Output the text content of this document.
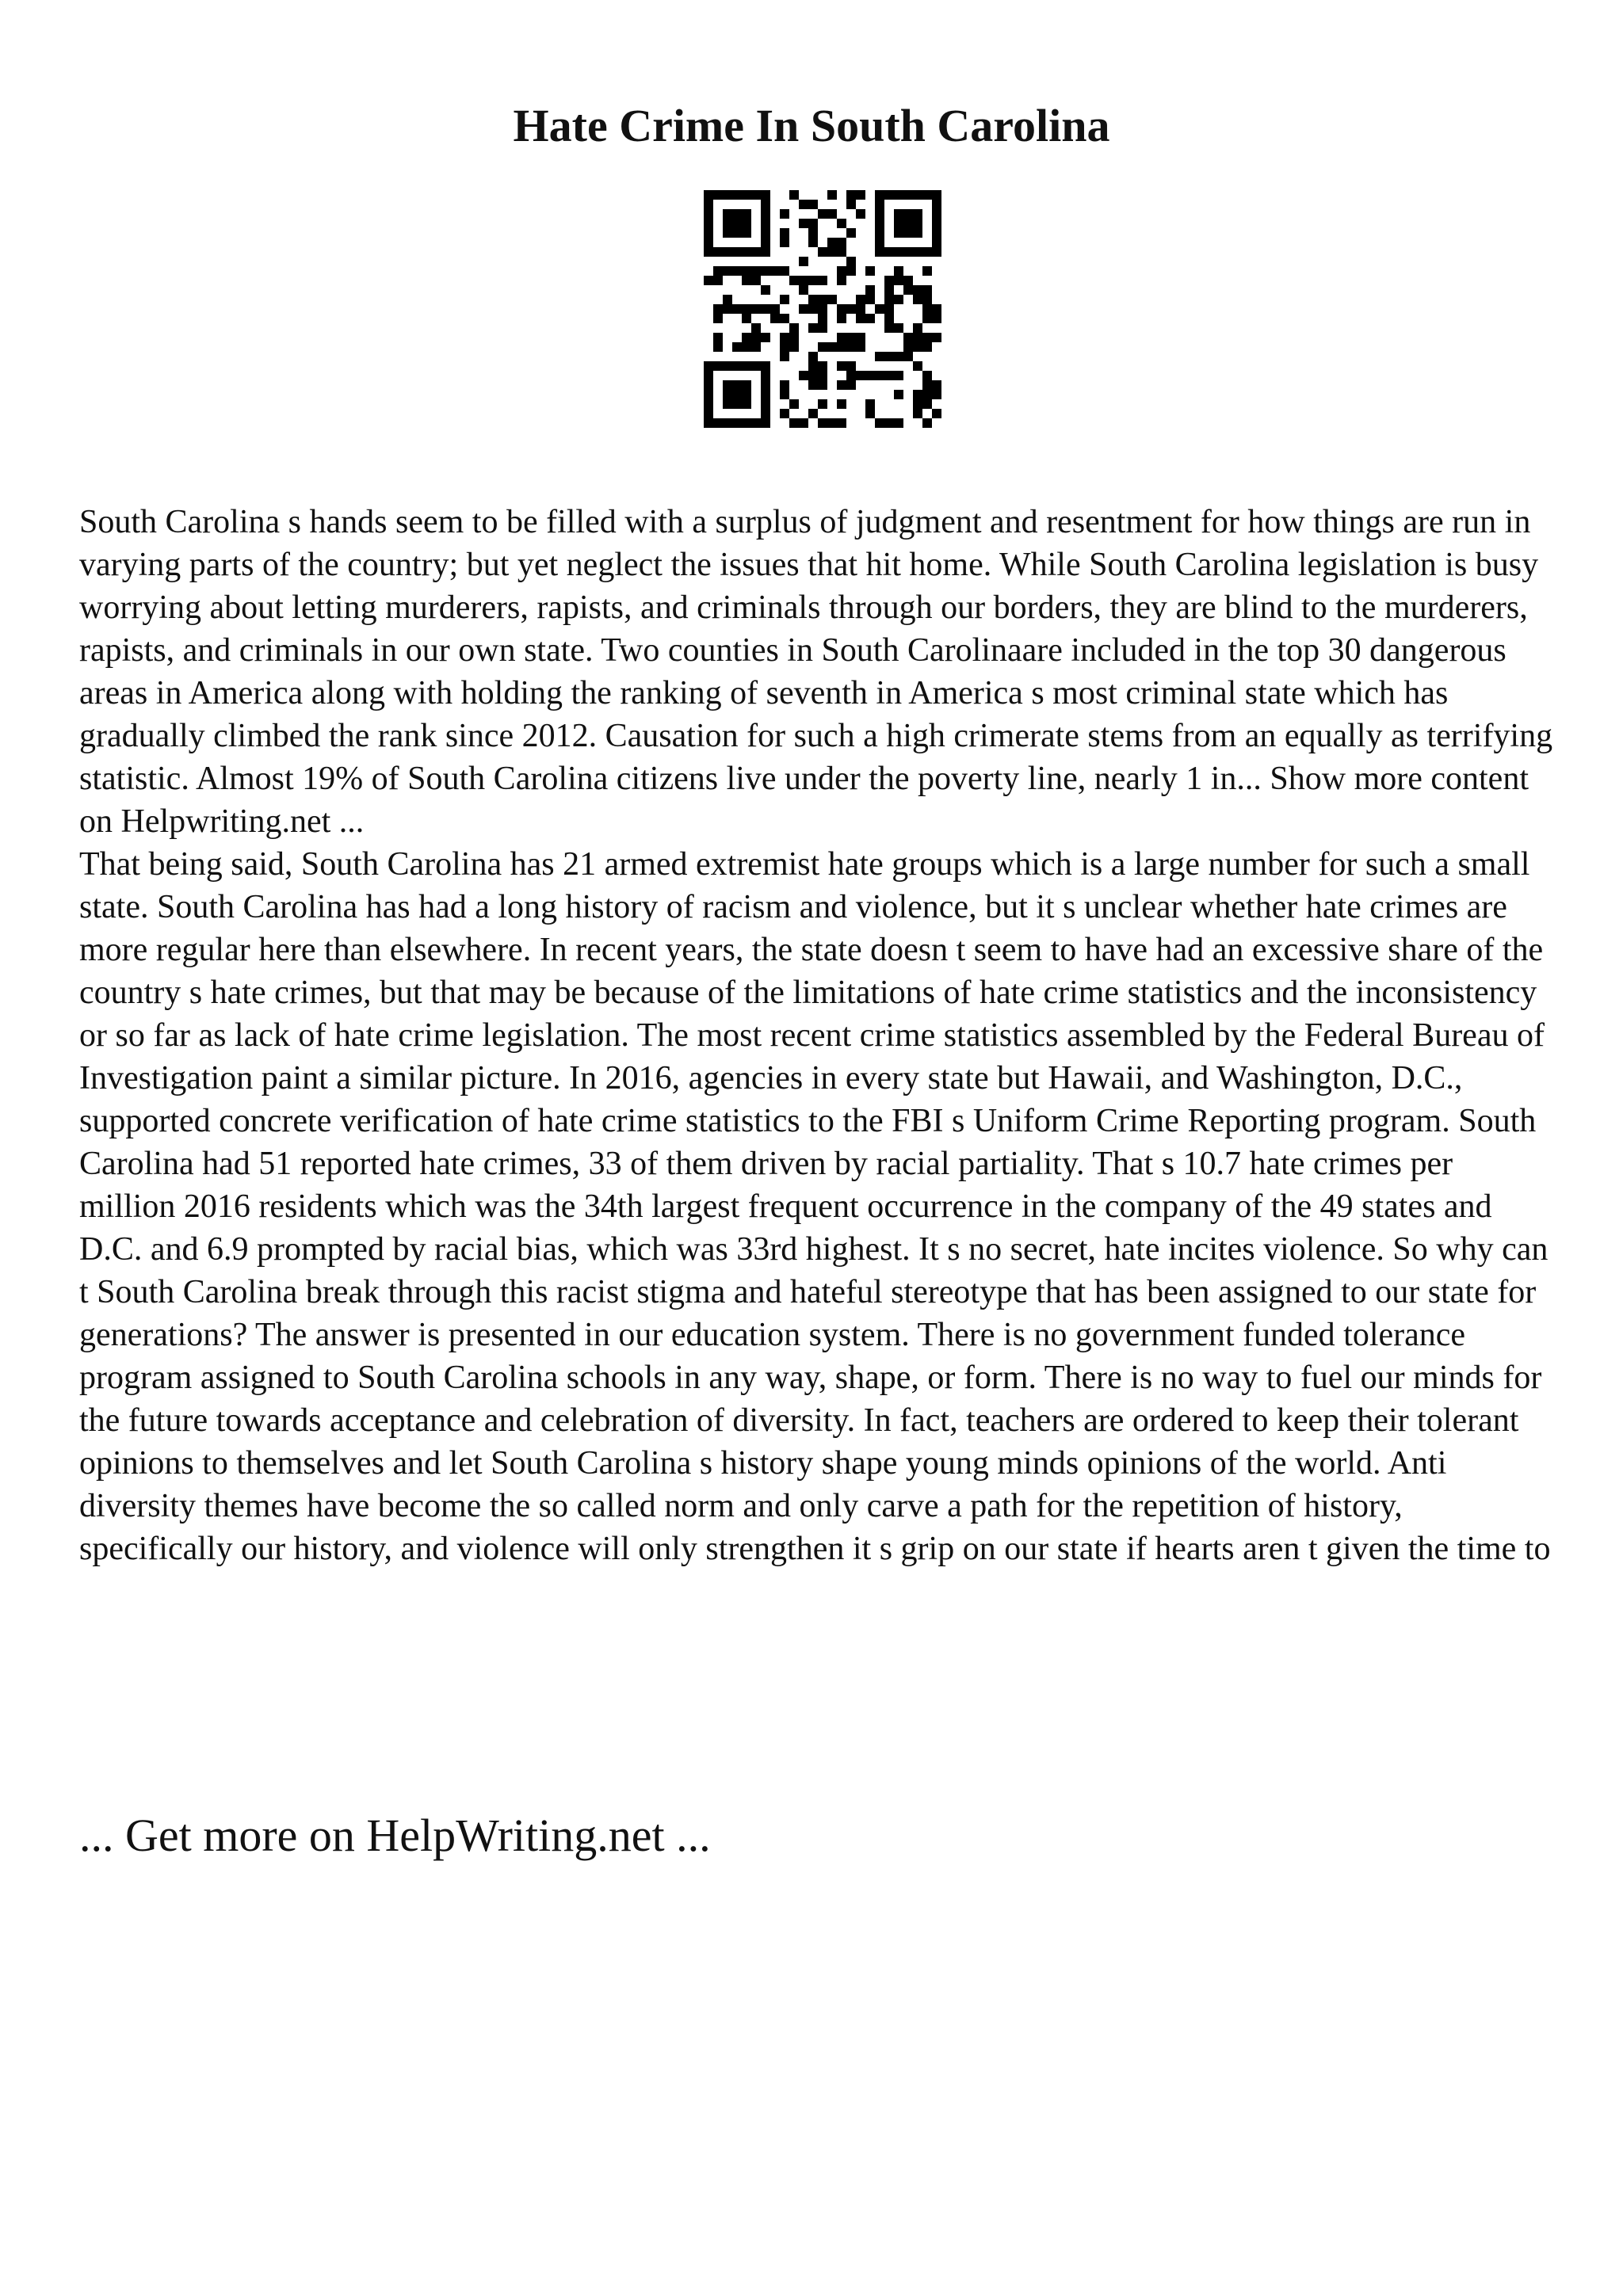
Hate Crime In South Carolina

South Carolina s hands seem to be filled with a surplus of judgment and resentment for how things are run in varying parts of the country; but yet neglect the issues that hit home. While South Carolina legislation is busy worrying about letting murderers, rapists, and criminals through our borders, they are blind to the murderers, rapists, and criminals in our own state. Two counties in South Carolinaare included in the top 30 dangerous areas in America along with holding the ranking of seventh in America s most criminal state which has gradually climbed the rank since 2012. Causation for such a high crimerate stems from an equally as terrifying statistic. Almost 19% of South Carolina citizens live under the poverty line, nearly 1 in... Show more content on Helpwriting.net ...

That being said, South Carolina has 21 armed extremist hate groups which is a large number for such a small state. South Carolina has had a long history of racism and violence, but it s unclear whether hate crimes are more regular here than elsewhere. In recent years, the state doesn t seem to have had an excessive share of the country s hate crimes, but that may be because of the limitations of hate crime statistics and the inconsistency or so far as lack of hate crime legislation. The most recent crime statistics assembled by the Federal Bureau of Investigation paint a similar picture. In 2016, agencies in every state but Hawaii, and Washington, D.C., supported concrete verification of hate crime statistics to the FBI s Uniform Crime Reporting program. South Carolina had 51 reported hate crimes, 33 of them driven by racial partiality. That s 10.7 hate crimes per million 2016 residents which was the 34th largest frequent occurrence in the company of the 49 states and D.C. and 6.9 prompted by racial bias, which was 33rd highest. It s no secret, hate incites violence. So why can t South Carolina break through this racist stigma and hateful stereotype that has been assigned to our state for generations? The answer is presented in our education system. There is no government funded tolerance program assigned to South Carolina schools in any way, shape, or form. There is no way to fuel our minds for the future towards acceptance and celebration of diversity. In fact, teachers are ordered to keep their tolerant opinions to themselves and let South Carolina s history shape young minds opinions of the world. Anti diversity themes have become the so called norm and only carve a path for the repetition of history, specifically our history, and violence will only strengthen it s grip on our state if hearts aren t given the time to

... Get more on HelpWriting.net ...
